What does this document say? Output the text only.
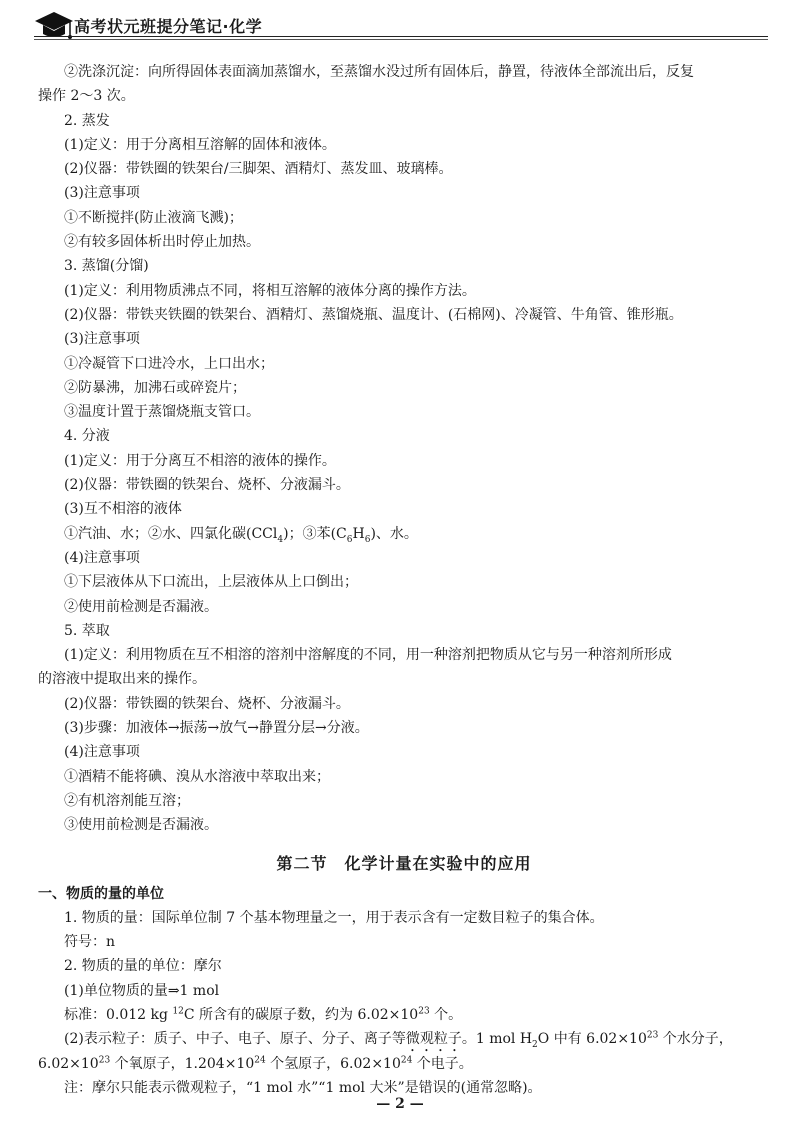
高考状元班提分笔记·化学
②洗涤沉淀：向所得固体表面滴加蒸馏水，至蒸馏水没过所有固体后，静置，待液体全部流出后，反复
操作 2～3 次。
2. 蒸发
(1)定义：用于分离相互溶解的固体和液体。
(2)仪器：带铁圈的铁架台/三脚架、酒精灯、蒸发皿、玻璃棒。
(3)注意事项
①不断搅拌(防止液滴飞溅)；
②有较多固体析出时停止加热。
3. 蒸馏(分馏)
(1)定义：利用物质沸点不同，将相互溶解的液体分离的操作方法。
(2)仪器：带铁夹铁圈的铁架台、酒精灯、蒸馏烧瓶、温度计、(石棉网)、冷凝管、牛角管、锥形瓶。
(3)注意事项
①冷凝管下口进冷水，上口出水；
②防暴沸，加沸石或碎瓷片；
③温度计置于蒸馏烧瓶支管口。
4. 分液
(1)定义：用于分离互不相溶的液体的操作。
(2)仪器：带铁圈的铁架台、烧杯、分液漏斗。
(3)互不相溶的液体
①汽油、水；②水、四氯化碳(CCl$_4$)；③苯$(C_6H_6)$、水。
(4)注意事项
①下层液体从下口流出，上层液体从上口倒出；
②使用前检测是否漏液。
5. 萃取
(1)定义：利用物质在互不相溶的溶剂中溶解度的不同，用一种溶剂把物质从它与另一种溶剂所形成
的溶液中提取出来的操作。
(2)仪器：带铁圈的铁架台、烧杯、分液漏斗。
(3)步骤：加液体→振荡→放气→静置分层→分液。
(4)注意事项
①酒精不能将碘、溴从水溶液中萃取出来；
②有机溶剂能互溶；
③使用前检测是否漏液。
第二节　化学计量在实验中的应用
一、物质的量的单位
1. 物质的量：国际单位制 7 个基本物理量之一，用于表示含有一定数目粒子的集合体。
符号：n
2. 物质的量的单位：摩尔
(1)单位物质的量⇒1 mol
标准：0.012 kg $^{12}$C 所含有的碳原子数，约为 $6.02\times 10^{23}$ 个。
(2)表示粒子：质子、中子、电子、原子、分子、离子等微观粒子。1 mol $H_2O$ 中有 $6.02\times 10^{23}$ 个水分子，
$6.02\times 10^{23}$ 个氧原子，$1.204\times 10^{24}$ 个氢原子，$6.02\times 10^{24}$ 个电子。
注：摩尔只能表示微观粒子，“1 mol 水”“1 mol 大米”是错误的(通常忽略)。
— 2 —
